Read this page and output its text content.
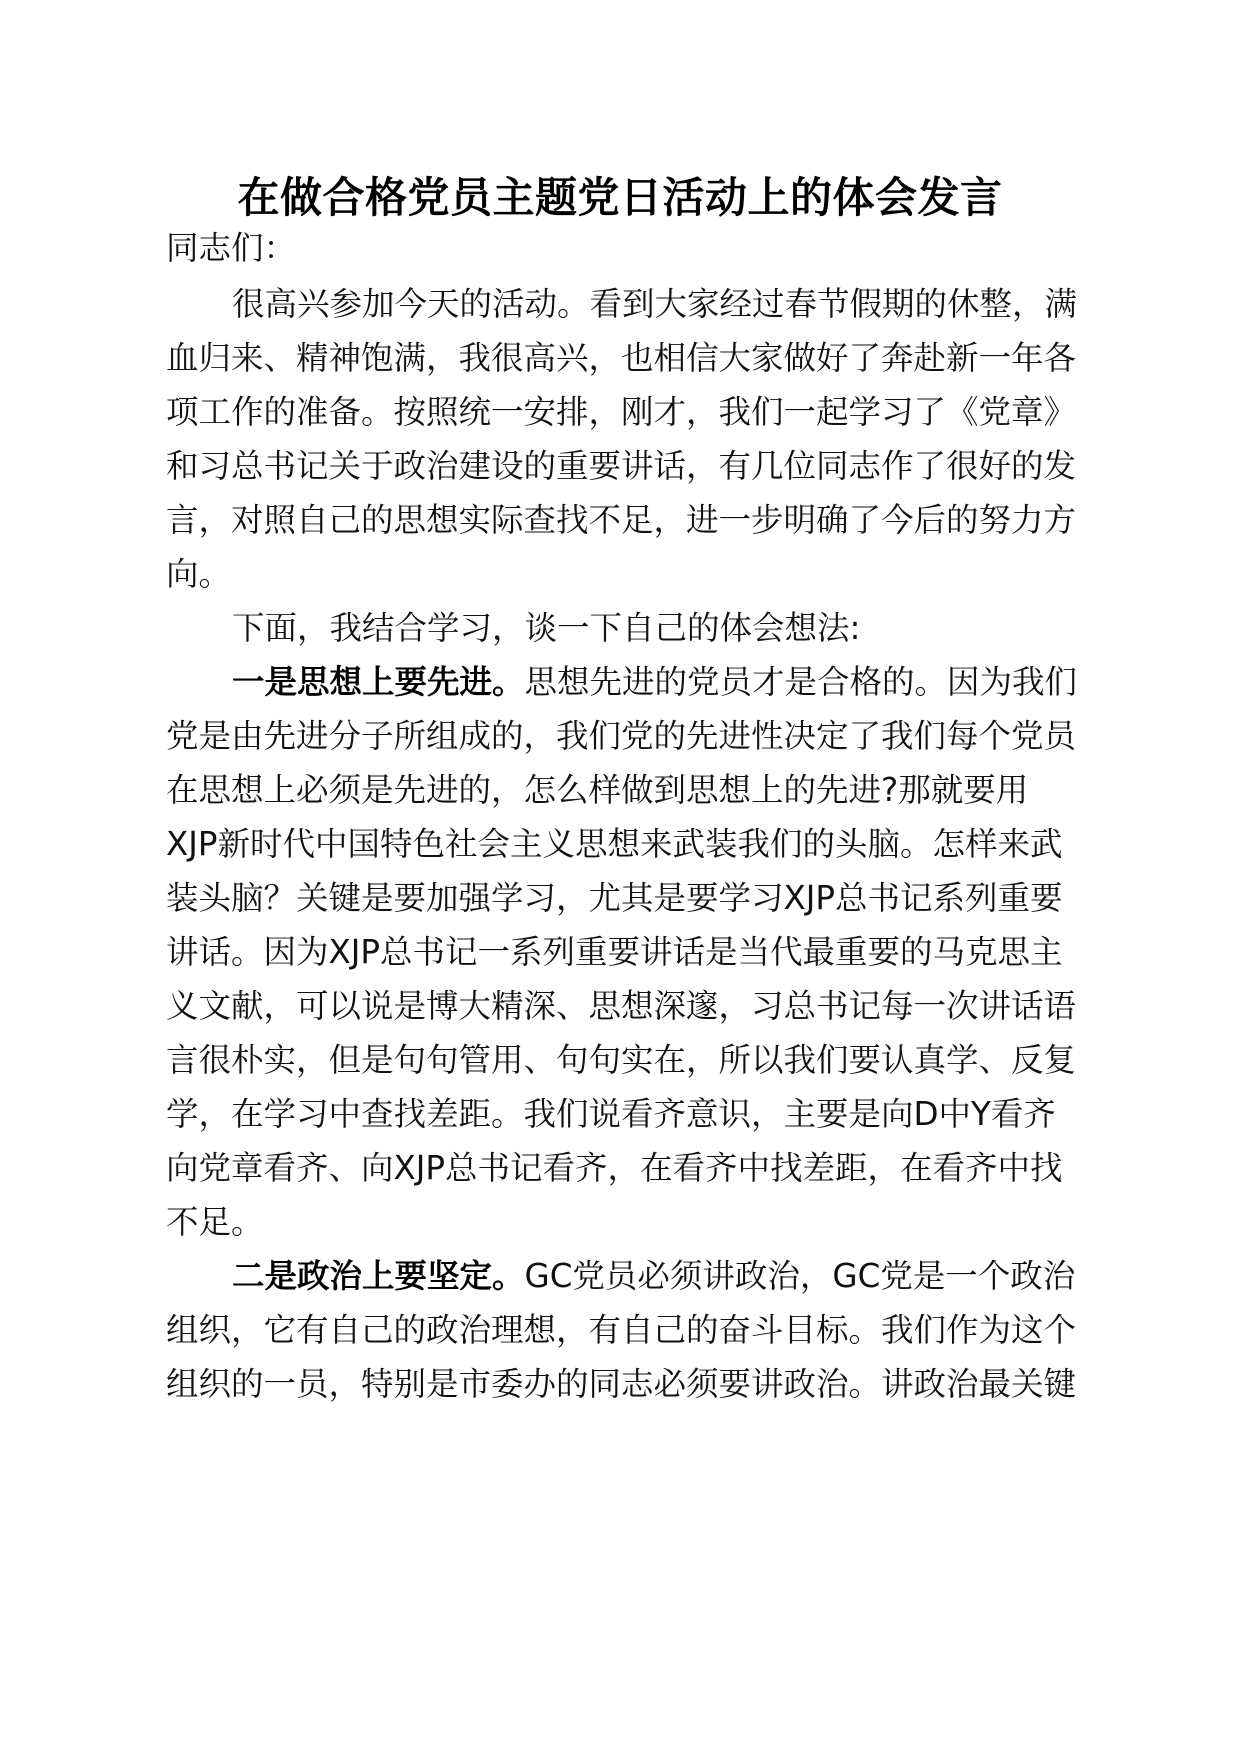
在做合格党员主题党日活动上的体会发言
同志们：
很高兴参加今天的活动。看到大家经过春节假期的休整，满
血归来、精神饱满，我很高兴，也相信大家做好了奔赴新一年各
项工作的准备。按照统一安排，刚才，我们一起学习了《党章》
和习总书记关于政治建设的重要讲话，有几位同志作了很好的发
言，对照自己的思想实际查找不足，进一步明确了今后的努力方
向。
下面，我结合学习，谈一下自己的体会想法:
一是思想上要先进。思想先进的党员才是合格的。因为我们
党是由先进分子所组成的，我们党的先进性决定了我们每个党员
在思想上必须是先进的，怎么样做到思想上的先进?那就要用
XJP新时代中国特色社会主义思想来武装我们的头脑。怎样来武
装头脑？关键是要加强学习，尤其是要学习XJP总书记系列重要
讲话。因为XJP总书记一系列重要讲话是当代最重要的马克思主
义文献，可以说是博大精深、思想深邃，习总书记每一次讲话语
言很朴实，但是句句管用、句句实在，所以我们要认真学、反复
学，在学习中查找差距。我们说看齐意识，主要是向D中Y看齐
向党章看齐、向XJP总书记看齐，在看齐中找差距，在看齐中找
不足。
二是政治上要坚定。GC党员必须讲政治，GC党是一个政治
组织，它有自己的政治理想，有自己的奋斗目标。我们作为这个
组织的一员，特别是市委办的同志必须要讲政治。讲政治最关键
